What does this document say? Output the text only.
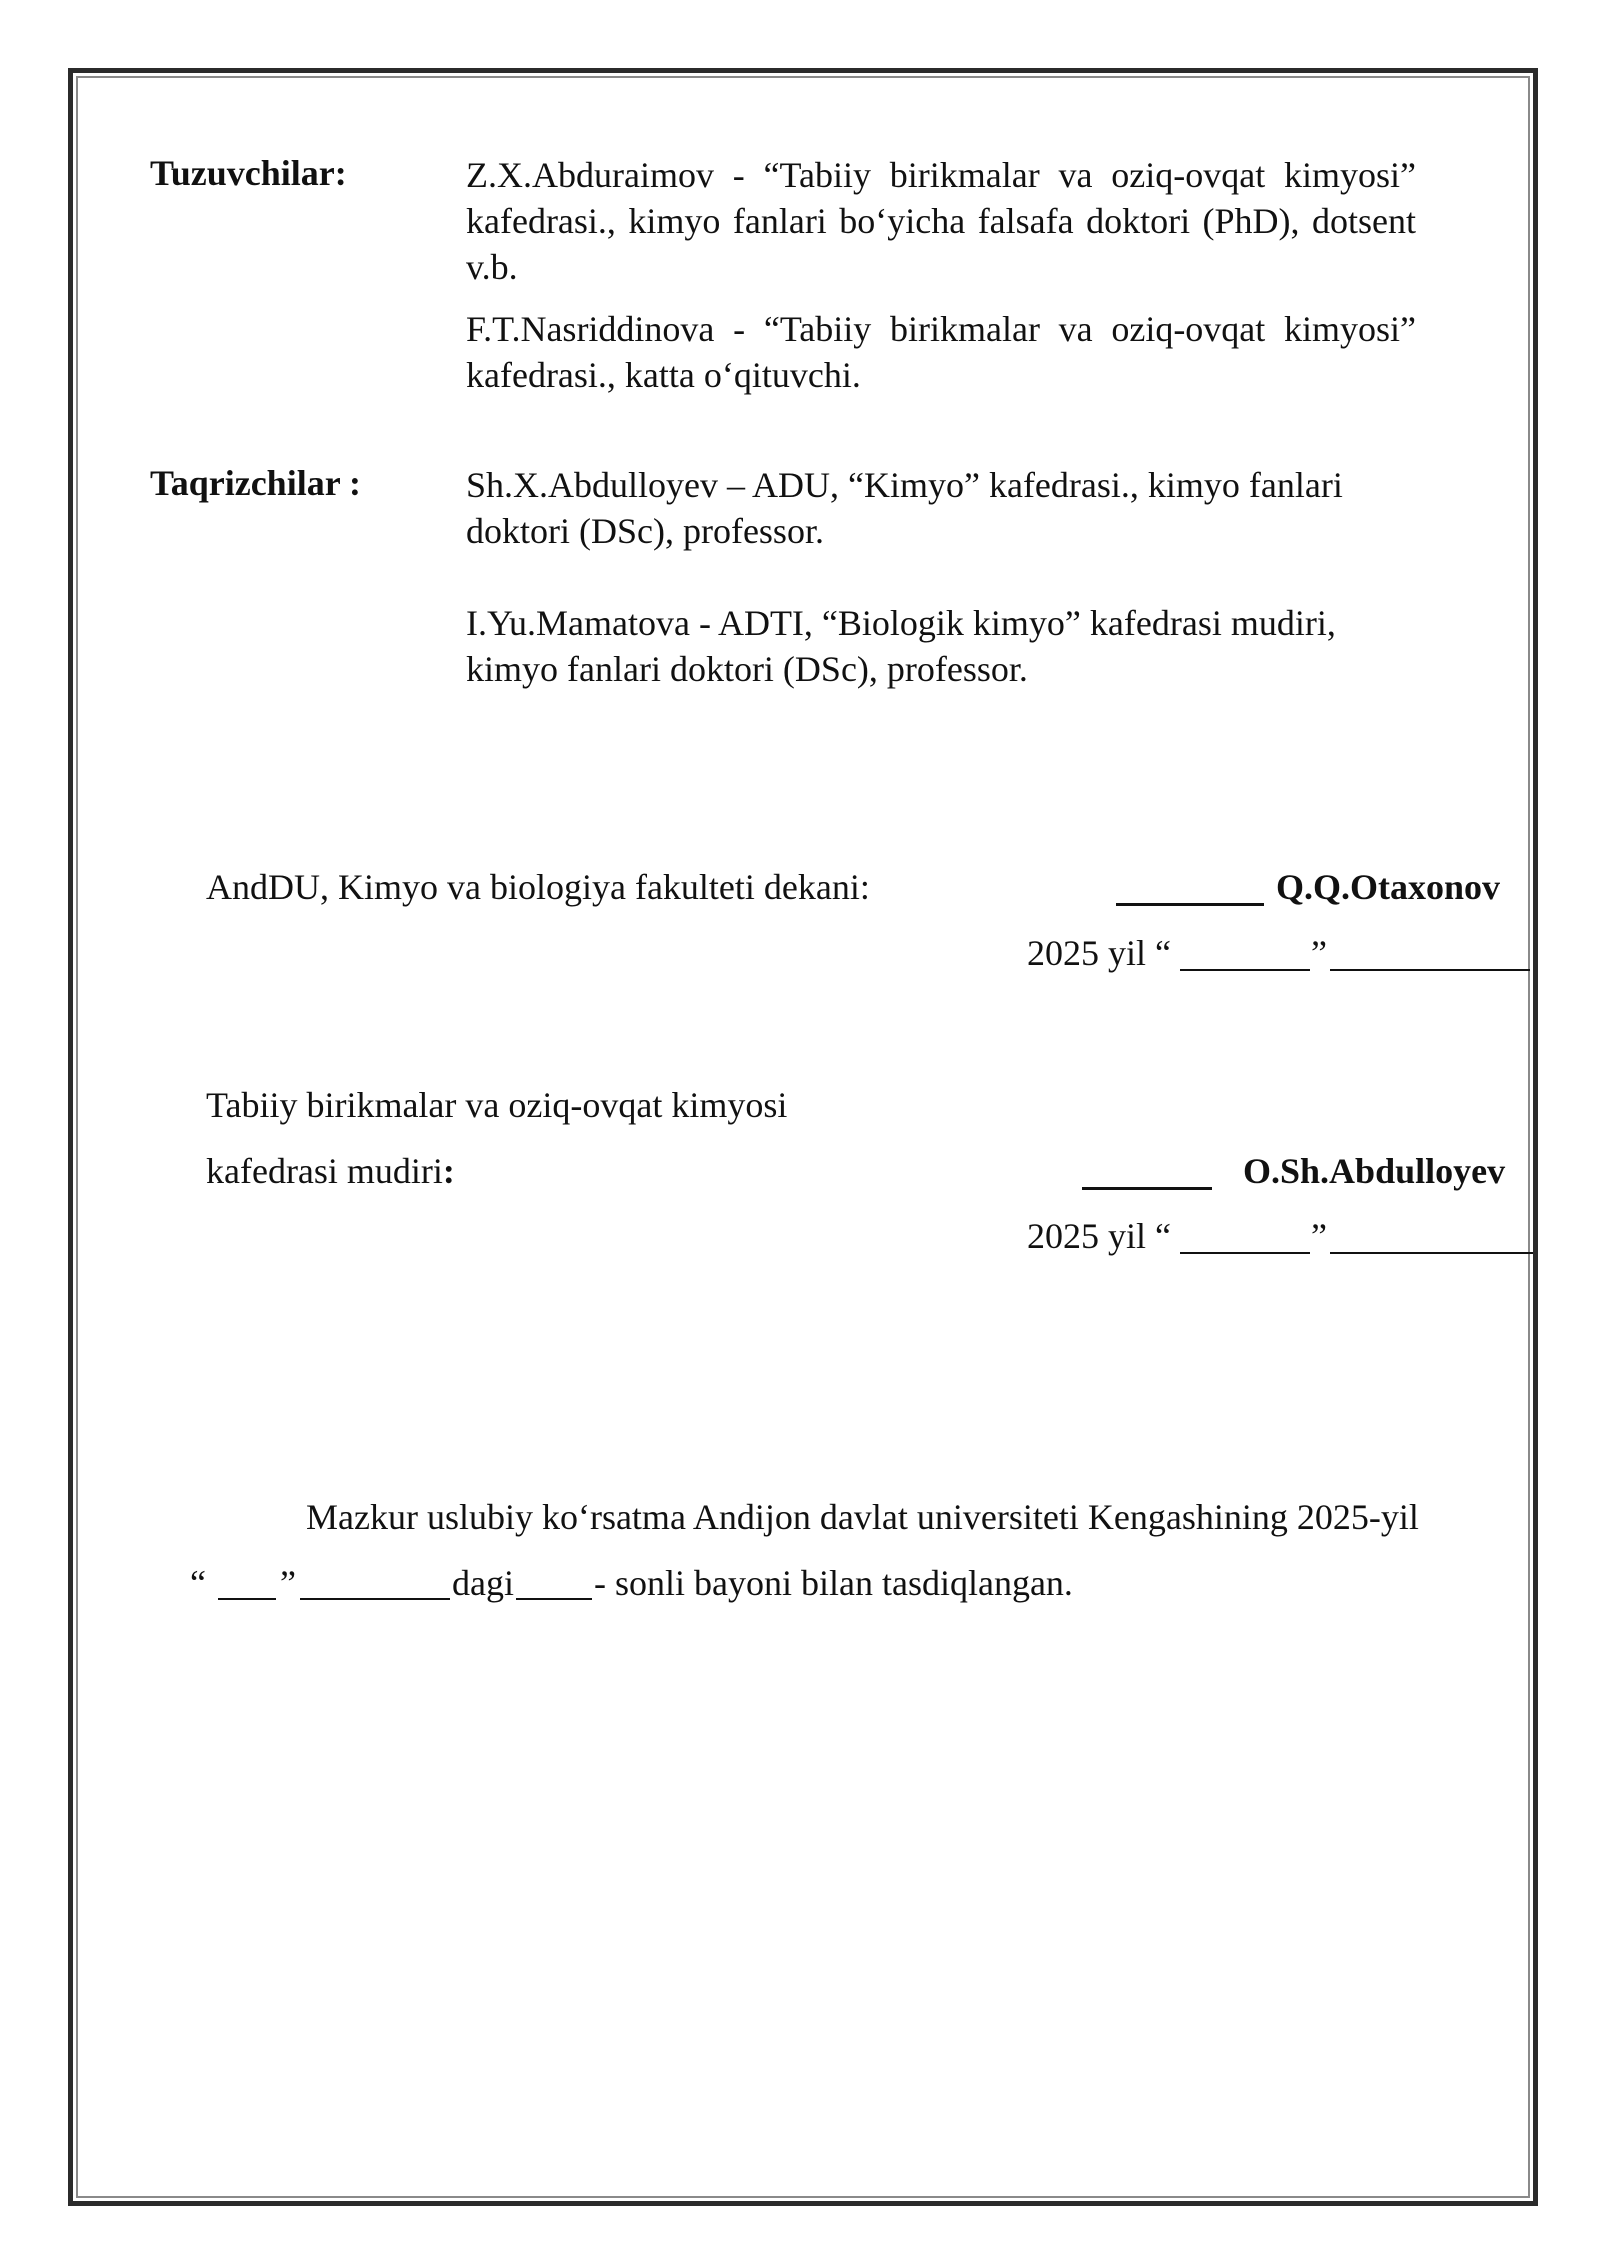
Tuzuvchilar:	Z.X.Abduraimov - “Tabiiy birikmalar va oziq-ovqat kimyosi” kafedrasi., kimyo fanlari bo‘yicha falsafa doktori (PhD), dotsent v.b.
F.T.Nasriddinova - “Tabiiy birikmalar va oziq-ovqat kimyosi” kafedrasi., katta o‘qituvchi.
Taqrizchilar :	Sh.X.Abdulloyev – ADU, “Kimyo” kafedrasi., kimyo fanlari doktori (DSc), professor.
I.Yu.Mamatova - ADTI, “Biologik kimyo” kafedrasi mudiri, kimyo fanlari doktori (DSc), professor.
AndDU, Kimyo va biologiya fakulteti dekani:	Q.Q.Otaxonov
2025 yil “	”
Tabiiy birikmalar va oziq-ovqat kimyosi
kafedrasi mudiri:	O.Sh.Abdulloyev
2025 yil “	”
Mazkur uslubiy ko‘rsatma Andijon davlat universiteti Kengashining 2025-yil
“ ”	dagi - sonli bayoni bilan tasdiqlangan.
